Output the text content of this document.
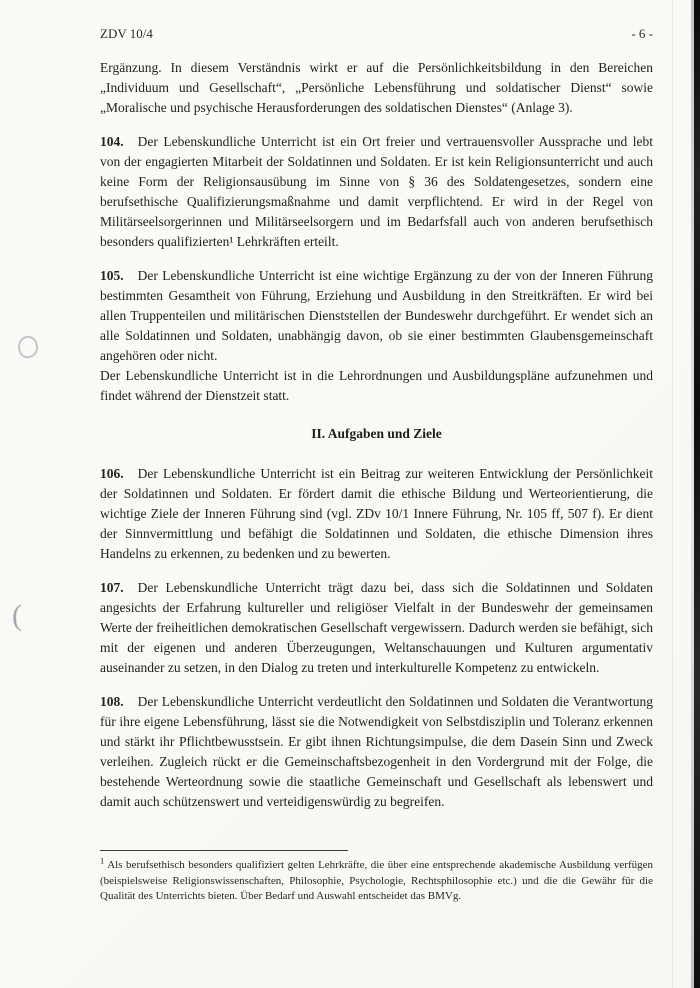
(
ZDV 10/4	- 6 -

Ergänzung. In diesem Verständnis wirkt er auf die Persönlichkeitsbildung in den Bereichen „Individuum und Gesellschaft“, „Persönliche Lebensführung und soldatischer Dienst“ sowie „Moralische und psychische Herausforderungen des soldatischen Dienstes“ (Anlage 3).

104. Der Lebenskundliche Unterricht ist ein Ort freier und vertrauensvoller Aussprache und lebt von der engagierten Mitarbeit der Soldatinnen und Soldaten. Er ist kein Religionsunterricht und auch keine Form der Religionsausübung im Sinne von § 36 des Soldatengesetzes, sondern eine berufsethische Qualifizierungsmaßnahme und damit verpflichtend. Er wird in der Regel von Militärseelsorgerinnen und Militärseelsorgern und im Bedarfsfall auch von anderen berufsethisch besonders qualifizierten¹ Lehrkräften erteilt.

105. Der Lebenskundliche Unterricht ist eine wichtige Ergänzung zu der von der Inneren Führung bestimmten Gesamtheit von Führung, Erziehung und Ausbildung in den Streitkräften. Er wird bei allen Truppenteilen und militärischen Dienststellen der Bundeswehr durchgeführt. Er wendet sich an alle Soldatinnen und Soldaten, unabhängig davon, ob sie einer bestimmten Glaubensgemeinschaft angehören oder nicht.

Der Lebenskundliche Unterricht ist in die Lehrordnungen und Ausbildungspläne aufzunehmen und findet während der Dienstzeit statt.

II. Aufgaben und Ziele

106. Der Lebenskundliche Unterricht ist ein Beitrag zur weiteren Entwicklung der Persönlichkeit der Soldatinnen und Soldaten. Er fördert damit die ethische Bildung und Werteorientierung, die wichtige Ziele der Inneren Führung sind (vgl. ZDv 10/1 Innere Führung, Nr. 105 ff, 507 f). Er dient der Sinnvermittlung und befähigt die Soldatinnen und Soldaten, die ethische Dimension ihres Handelns zu erkennen, zu bedenken und zu bewerten.

107. Der Lebenskundliche Unterricht trägt dazu bei, dass sich die Soldatinnen und Soldaten angesichts der Erfahrung kultureller und religiöser Vielfalt in der Bundeswehr der gemeinsamen Werte der freiheitlichen demokratischen Gesellschaft vergewissern. Dadurch werden sie befähigt, sich mit der eigenen und anderen Überzeugungen, Weltanschauungen und Kulturen argumentativ auseinander zu setzen, in den Dialog zu treten und interkulturelle Kompetenz zu entwickeln.

108. Der Lebenskundliche Unterricht verdeutlicht den Soldatinnen und Soldaten die Verantwortung für ihre eigene Lebensführung, lässt sie die Notwendigkeit von Selbstdisziplin und Toleranz erkennen und stärkt ihr Pflichtbewusstsein. Er gibt ihnen Richtungsimpulse, die dem Dasein Sinn und Zweck verleihen. Zugleich rückt er die Gemeinschaftsbezogenheit in den Vordergrund mit der Folge, die bestehende Werteordnung sowie die staatliche Gemeinschaft und Gesellschaft als lebenswert und damit auch schützenswert und verteidigenswürdig zu begreifen.

$^1$ Als berufsethisch besonders qualifiziert gelten Lehrkräfte, die über eine entsprechende akademische Ausbildung verfügen (beispielsweise Religionswissenschaften, Philosophie, Psychologie, Rechtsphilosophie etc.) und die die Gewähr für die Qualität des Unterrichts bieten. Über Bedarf und Auswahl entscheidet das BMVg.
